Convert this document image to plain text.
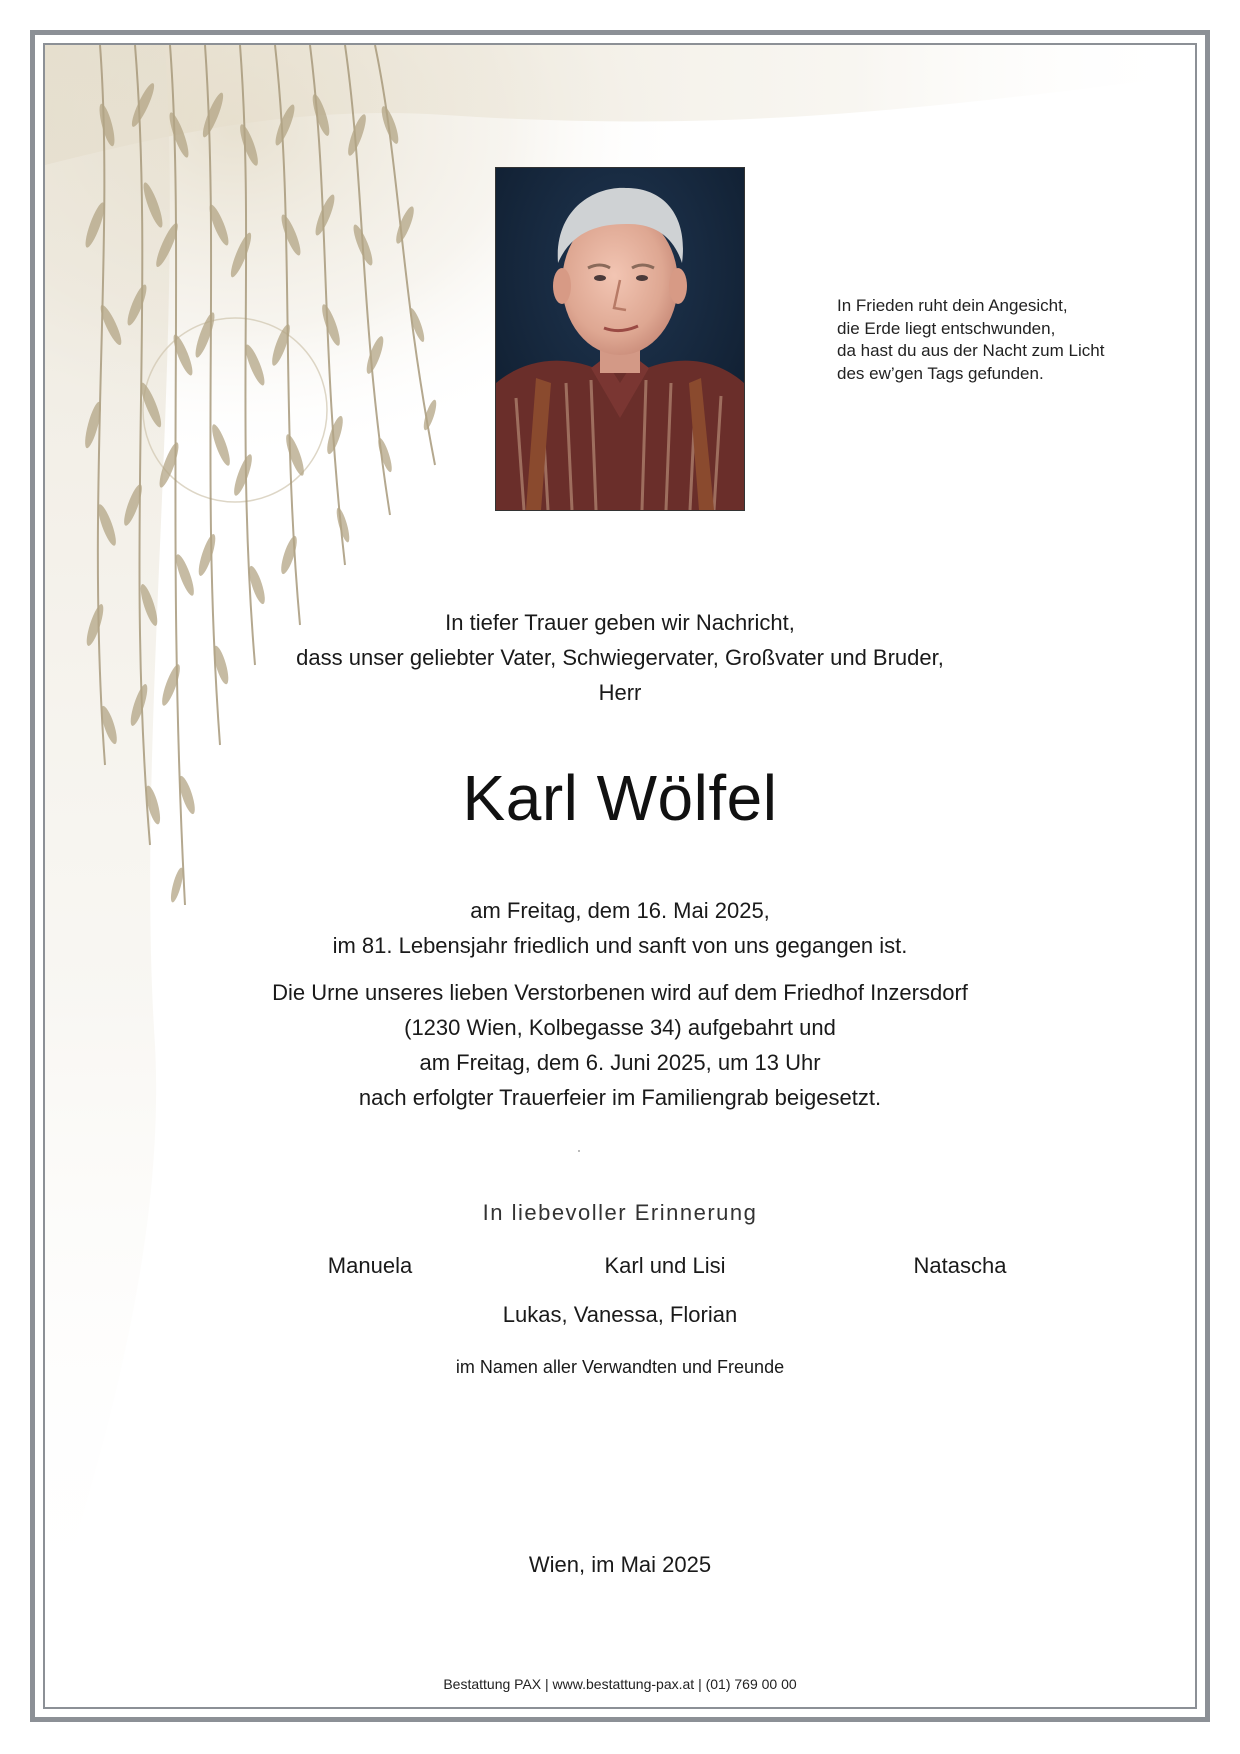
In Frieden ruht dein Angesicht,
die Erde liegt entschwunden,
da hast du aus der Nacht zum Licht
des ew’gen Tags gefunden.
In tiefer Trauer geben wir Nachricht,
dass unser geliebter Vater, Schwiegervater, Großvater und Bruder,
Herr
Karl Wölfel
am Freitag, dem 16. Mai 2025,
im 81. Lebensjahr friedlich und sanft von uns gegangen ist.
Die Urne unseres lieben Verstorbenen wird auf dem Friedhof Inzersdorf
(1230 Wien, Kolbegasse 34) aufgebahrt und
am Freitag, dem 6. Juni 2025, um 13 Uhr
nach erfolgter Trauerfeier im Familiengrab beigesetzt.
In liebevoller Erinnerung
Manuela	Karl und Lisi	Natascha
Lukas, Vanessa, Florian
im Namen aller Verwandten und Freunde
Wien, im Mai 2025
Bestattung PAX | www.bestattung-pax.at | (01) 769 00 00
